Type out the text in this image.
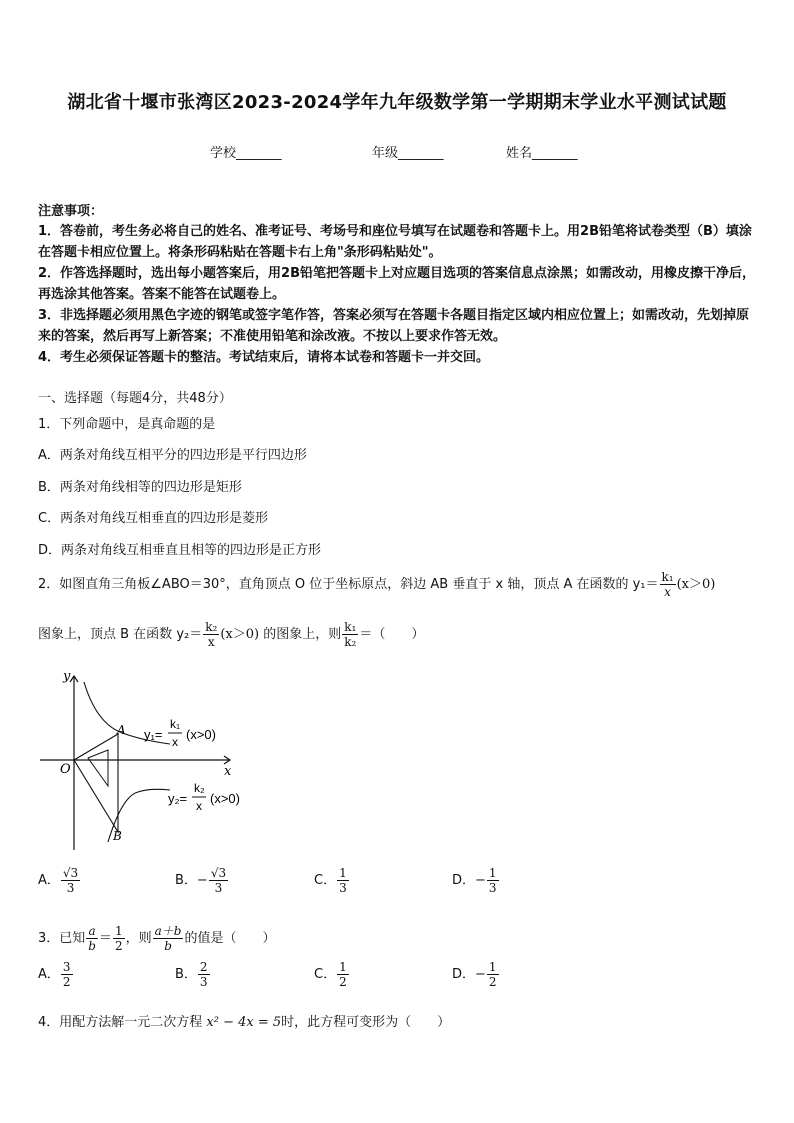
湖北省十堰市张湾区2023-2024学年九年级数学第一学期期末学业水平测试试题
学校_______	年级_______	姓名_______
注意事项：
1．答卷前，考生务必将自己的姓名、准考证号、考场号和座位号填写在试题卷和答题卡上。用2B铅笔将试卷类型（B）填涂在答题卡相应位置上。将条形码粘贴在答题卡右上角"条形码粘贴处"。
2．作答选择题时，选出每小题答案后，用2B铅笔把答题卡上对应题目选项的答案信息点涂黑；如需改动，用橡皮擦干净后，再选涂其他答案。答案不能答在试题卷上。
3．非选择题必须用黑色字迹的钢笔或签字笔作答，答案必须写在答题卡各题目指定区域内相应位置上；如需改动，先划掉原来的答案，然后再写上新答案；不准使用铅笔和涂改液。不按以上要求作答无效。
4．考生必须保证答题卡的整洁。考试结束后，请将本试卷和答题卡一并交回。
一、选择题（每题4分，共48分）
1．下列命题中，是真命题的是
A．两条对角线互相平分的四边形是平行四边形
B．两条对角线相等的四边形是矩形
C．两条对角线互相垂直的四边形是菱形
D．两条对角线互相垂直且相等的四边形是正方形
2．如图直角三角板∠ABO＝30°，直角顶点 O 位于坐标原点，斜边 AB 垂直于 x 轴，顶点 A 在函数的 $y_1= \frac{\text{k₁}}{x} (x>0)$
图象上，顶点 B 在函数 $y_2= \frac{\text{k₂}}{x} (x>0)$ 的图象上，则 $\frac{\text{k₁}}{\text{k₂}}$ ＝（　　）
y
x
O
A
B
y₁=
k₁
x (x>0)
y₂=
k₂
x (x>0)
A． $\frac{√3}{3}$	B．− $\frac{√3}{3}$	C． $\frac{1}{3}$	D．− $\frac{1}{3}$
3．已知 $\frac{a}{b} = \frac{1}{2}$ ，则 $\frac{a+b}{b}$ 的值是（　　）
A． $\frac{3}{2}$	B． $\frac{2}{3}$	C． $\frac{1}{2}$	D．− $\frac{1}{2}$
4．用配方法解一元二次方程 x² − 4x = 5时，此方程可变形为（　　）
